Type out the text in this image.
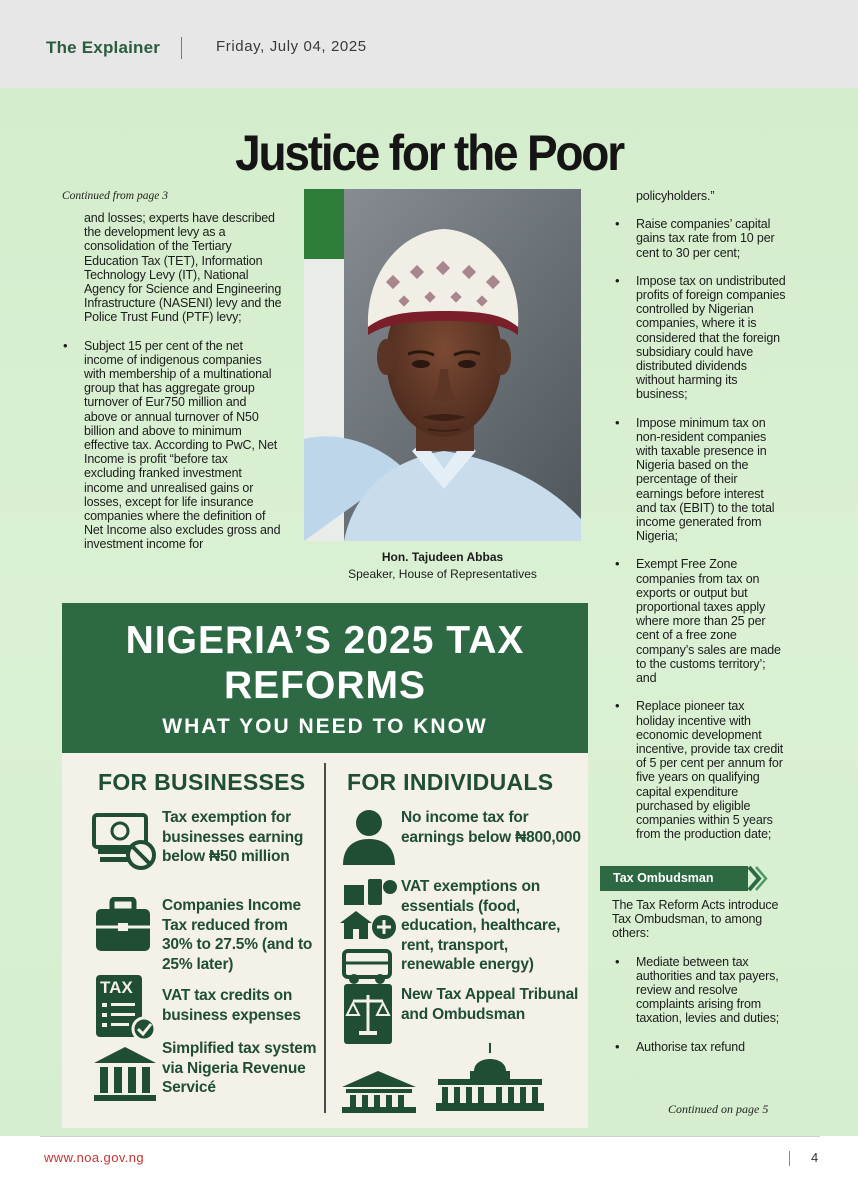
The Explainer	Friday, July 04, 2025
Justice for the Poor
Continued from page 3

and losses; experts have described the development levy as a consolidation of the Tertiary Education Tax (TET), Information Technology Levy (IT), National Agency for Science and Engineering Infrastructure (NASENI) levy and the Police Trust Fund (PTF) levy;

• Subject 15 per cent of the net income of indigenous companies with membership of a multinational group that has aggregate group turnover of Eur750 million and above or annual turnover of N50 billion and above to minimum effective tax. According to PwC, Net Income is profit “before tax excluding franked investment income and unrealised gains or losses, except for life insurance companies where the definition of Net Income also excludes gross and investment income for

Hon. Tajudeen Abbas
Speaker, House of Representatives

policyholders.”

• Raise companies’ capital gains tax rate from 10 per cent to 30 per cent;

• Impose tax on undistributed profits of foreign companies controlled by Nigerian companies, where it is considered that the foreign subsidiary could have distributed dividends without harming its business;

• Impose minimum tax on non-resident companies with taxable presence in Nigeria based on the percentage of their earnings before interest and tax (EBIT) to the total income generated from Nigeria;

• Exempt Free Zone companies from tax on exports or output but proportional taxes apply where more than 25 per cent of a free zone company’s sales are made to the customs territory’; and

• Replace pioneer tax holiday incentive with economic development incentive, provide tax credit of 5 per cent per annum for five years on qualifying capital expenditure purchased by eligible companies within 5 years from the production date;

Tax Ombudsman

The Tax Reform Acts introduce Tax Ombudsman, to among others:

• Mediate between tax authorities and tax payers, review and resolve complaints arising from taxation, levies and duties;

• Authorise tax refund

Continued on page 5
NIGERIA’S 2025 TAX
REFORMS
WHAT YOU NEED TO KNOW
FOR BUSINESSES FOR INDIVIDUALS
Tax exemption for businesses earning below ₦50 million
Companies Income Tax reduced from 30% to 27.5% (and to 25% later)
TAX VAT tax credits on business expenses
Simplified tax system via Nigeria Revenue Servicé
No income tax for earnings below ₦800,000
VAT exemptions on essentials (food, education, healthcare, rent, transport, renewable energy)
New Tax Appeal Tribunal and Ombudsman
www.noa.gov.ng	4
